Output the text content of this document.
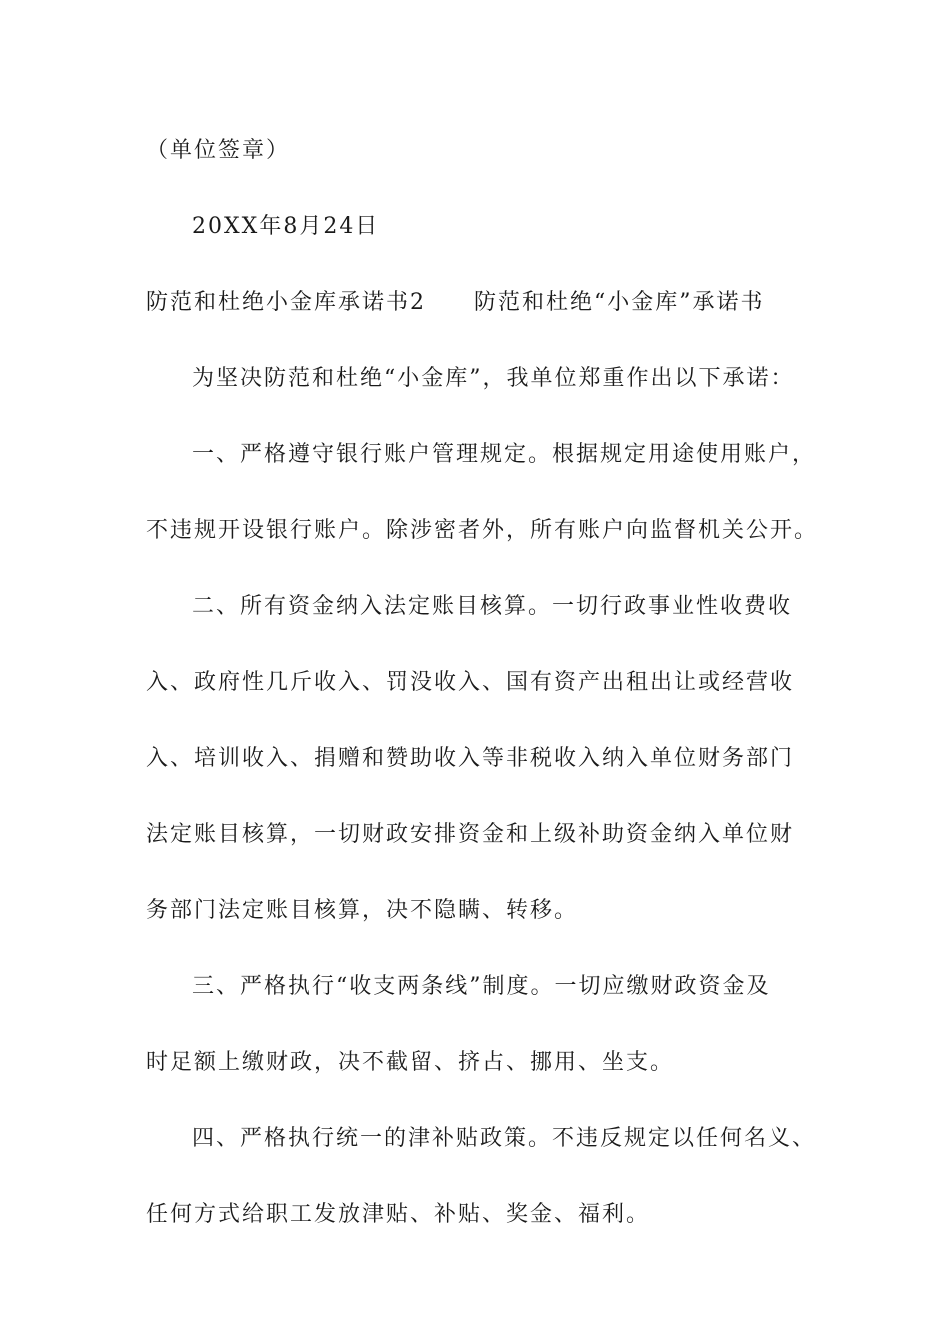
（单位签章）
20XX年8月24日
防范和杜绝小金库承诺书2 防范和杜绝“小金库”承诺书
为坚决防范和杜绝“小金库”，我单位郑重作出以下承诺：
一、严格遵守银行账户管理规定。根据规定用途使用账户，
不违规开设银行账户。除涉密者外，所有账户向监督机关公开。
二、所有资金纳入法定账目核算。一切行政事业性收费收
入、政府性几斤收入、罚没收入、国有资产出租出让或经营收
入、培训收入、捐赠和赞助收入等非税收入纳入单位财务部门
法定账目核算，一切财政安排资金和上级补助资金纳入单位财
务部门法定账目核算，决不隐瞒、转移。
三、严格执行“收支两条线”制度。一切应缴财政资金及
时足额上缴财政，决不截留、挤占、挪用、坐支。
四、严格执行统一的津补贴政策。不违反规定以任何名义、
任何方式给职工发放津贴、补贴、奖金、福利。
